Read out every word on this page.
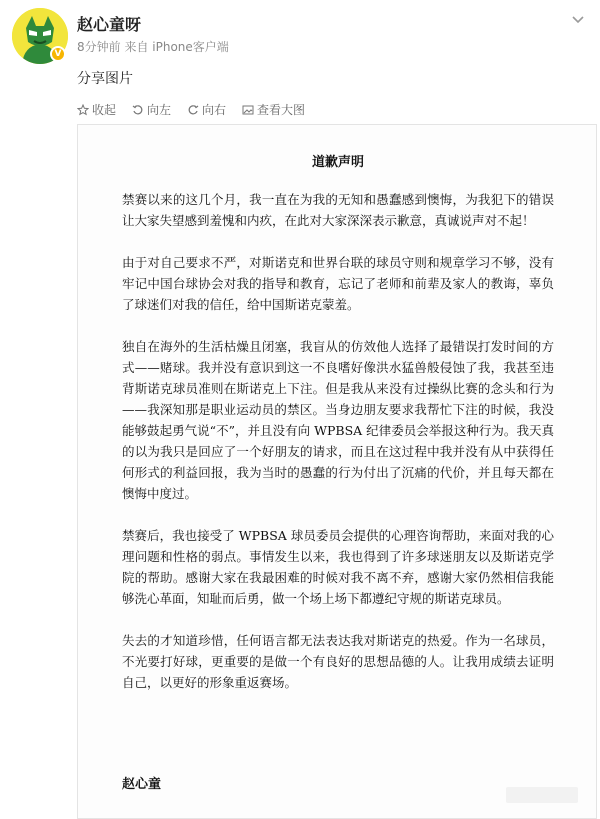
V
赵心童呀
8分钟前 来自 iPhone客户端
分享图片
收起	向左	向右	查看大图
道歉声明

禁赛以来的这几个月，我一直在为我的无知和愚蠢感到懊悔，为我犯下的错误让大家失望感到羞愧和内疚，在此对大家深深表示歉意，真诚说声对不起！

由于对自己要求不严，对斯诺克和世界台联的球员守则和规章学习不够，没有牢记中国台球协会对我的指导和教育，忘记了老师和前辈及家人的教诲，辜负了球迷们对我的信任，给中国斯诺克蒙羞。

独自在海外的生活枯燥且闭塞，我盲从的仿效他人选择了最错误打发时间的方式——赌球。我并没有意识到这一不良嗜好像洪水猛兽般侵蚀了我，我甚至违背斯诺克球员准则在斯诺克上下注。但是我从来没有过操纵比赛的念头和行为——我深知那是职业运动员的禁区。当身边朋友要求我帮忙下注的时候，我没能够鼓起勇气说“不”，并且没有向 WPBSA 纪律委员会举报这种行为。我天真的以为我只是回应了一个好朋友的请求，而且在这过程中我并没有从中获得任何形式的利益回报，我为当时的愚蠢的行为付出了沉痛的代价，并且每天都在懊悔中度过。

禁赛后，我也接受了 WPBSA 球员委员会提供的心理咨询帮助，来面对我的心理问题和性格的弱点。事情发生以来，我也得到了许多球迷朋友以及斯诺克学院的帮助。感谢大家在我最困难的时候对我不离不弃，感谢大家仍然相信我能够洗心革面，知耻而后勇，做一个场上场下都遵纪守规的斯诺克球员。

失去的才知道珍惜，任何语言都无法表达我对斯诺克的热爱。作为一名球员，不光要打好球，更重要的是做一个有良好的思想品德的人。让我用成绩去证明自己，以更好的形象重返赛场。

赵心童
